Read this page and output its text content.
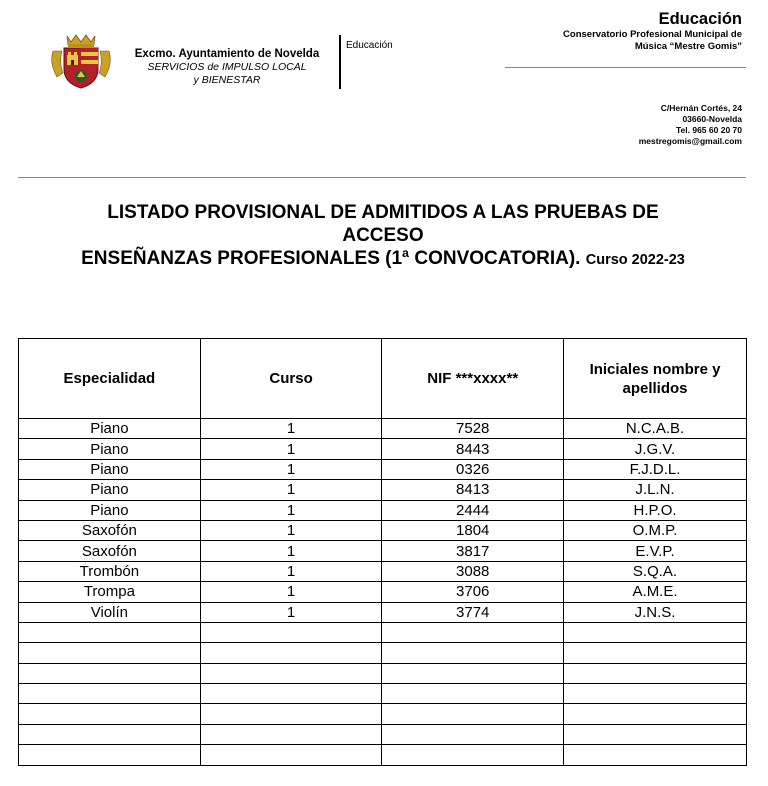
Excmo. Ayuntamiento de Novelda
SERVICIOS de IMPULSO LOCAL
y BIENESTAR
Educación
Educación
Conservatorio Profesional Municipal de
Música “Mestre Gomis”
C/Hernán Cortés, 24
03660-Novelda
Tel. 965 60 20 70
mestregomis@gmail.com
LISTADO PROVISIONAL DE ADMITIDOS A LAS PRUEBAS DE
ACCESO
ENSEÑANZAS PROFESIONALES (1ª CONVOCATORIA). Curso 2022-23
Especialidad	Curso	NIF ***xxxx**	Iniciales nombre y apellidos

Piano	1	7528	N.C.A.B.
Piano	1	8443	J.G.V.
Piano	1	0326	F.J.D.L.
Piano	1	8413	J.L.N.
Piano	1	2444	H.P.O.
Saxofón	1	1804	O.M.P.
Saxofón	1	3817	E.V.P.
Trombón	1	3088	S.Q.A.
Trompa	1	3706	A.M.E.
Violín	1	3774	J.N.S.
